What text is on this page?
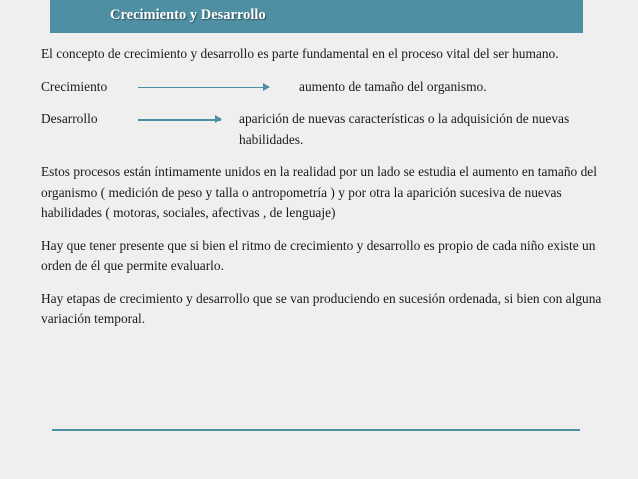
Crecimiento y Desarrollo

El concepto de crecimiento y desarrollo es parte fundamental en el proceso vital del ser humano.

Crecimiento	aumento de tamaño del organismo.
Desarrollo	aparición de nuevas características o la adquisición de nuevas habilidades.

Estos procesos están íntimamente unidos en la realidad por un lado se estudia el aumento en tamaño del organismo ( medición de peso y talla o antropometría ) y por otra la aparición sucesiva de nuevas habilidades ( motoras, sociales, afectivas , de lenguaje)

Hay que tener presente que si bien el ritmo de crecimiento y desarrollo es propio de cada niño existe un orden de él que permite evaluarlo.

Hay etapas de crecimiento y desarrollo que se van produciendo en sucesión ordenada, si bien con alguna variación temporal.
